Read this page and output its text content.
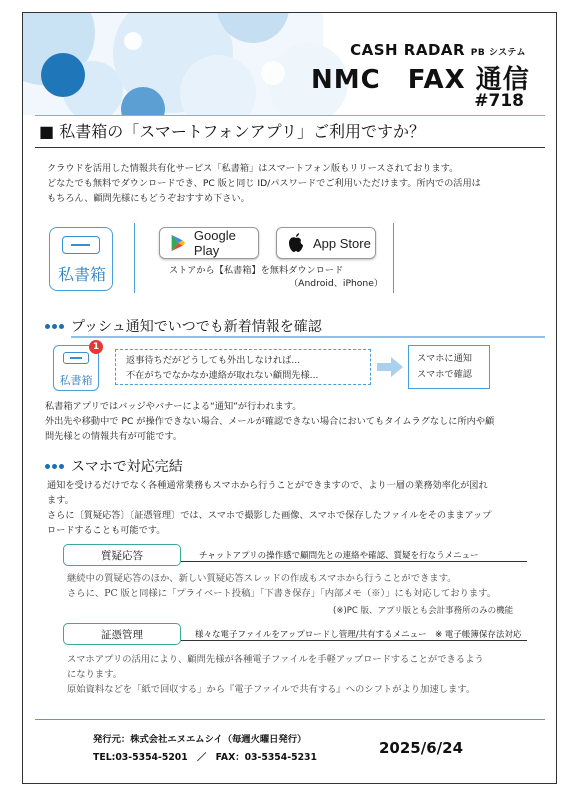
CASH RADAR PB システム
NMC　FAX 通信
#718
■ 私書箱の「スマートフォンアプリ」ご利用ですか？
クラウドを活用した情報共有化サービス「私書箱」はスマートフォン版もリリースされております。
どなたでも無料でダウンロードでき、PC 版と同じ ID/パスワードでご利用いただけます。所内での活用は
もちろん、顧問先様にもどうぞおすすめ下さい。
私書箱
Google Play	App Store
ストアから【私書箱】を無料ダウンロード
（Android、iPhone）
プッシュ通知でいつでも新着情報を確認
私書箱
1
返事待ちだがどうしても外出しなければ...
不在がちでなかなか連絡が取れない顧問先様...
スマホに通知
スマホで確認
私書箱アプリではバッジやバナーによる“通知”が行われます。
外出先や移動中で PC が操作できない場合、メールが確認できない場合においてもタイムラグなしに所内や顧
問先様との情報共有が可能です。
スマホで対応完結
通知を受けるだけでなく各種通常業務もスマホから行うことができますので、より一層の業務効率化が図れ
ます。
さらに〔質疑応答〕〔証憑管理〕では、スマホで撮影した画像、スマホで保存したファイルをそのままアップ
ロードすることも可能です。
質疑応答	チャットアプリの操作感で顧問先との連絡や確認、質疑を行なうメニュー
継続中の質疑応答のほか、新しい質疑応答スレッドの作成もスマホから行うことができます。
さらに、PC 版と同様に「プライベート投稿」「下書き保存」「内部メモ（※）」にも対応しております。
(※)PC 版、アプリ版とも会計事務所のみの機能
証憑管理	様々な電子ファイルをアップロードし管理/共有するメニュー　※ 電子帳簿保存法対応
スマホアプリの活用により、顧問先様が各種電子ファイルを手軽アップロードすることができるよう
になります。
原始資料などを「紙で回収する」から『電子ファイルで共有する』へのシフトがより加速します。
発行元：株式会社エヌエムシイ（毎週火曜日発行）
TEL:03-5354-5201　／　FAX：03-5354-5231
2025/6/24
